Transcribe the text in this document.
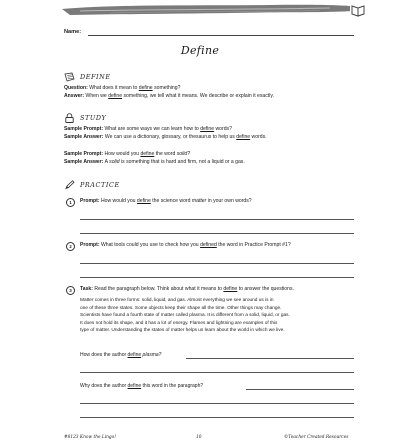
Name:
Define
DEFINE
Question: What does it mean to define something?
Answer: When we define something, we tell what it means. We describe or explain it exactly.
STUDY
Sample Prompt: What are some ways we can learn how to define words?
Sample Answer: We can use a dictionary, glossary, or thesaurus to help us define words.
Sample Prompt: How would you define the word solid?
Sample Answer: A solid is something that is hard and firm, not a liquid or a gas.
PRACTICE
1	Prompt: How would you define the science word matter in your own words?
2	Prompt: What tools could you use to check how you defined the word in Practice Prompt #1?
3	Task: Read the paragraph below. Think about what it means to define to answer the questions.
Matter comes in three forms: solid, liquid, and gas. Almost everything we see around us is in
one of these three states. Some objects keep their shape all the time. Other things may change.
Scientists have found a fourth state of matter called plasma. It is different from a solid, liquid, or gas.
It does not hold its shape, and it has a lot of energy. Flames and lightning are examples of this
type of matter. Understanding the states of matter helps us learn about the world in which we live.
How does the author define plasma?
Why does the author define this word in the paragraph?
#8123 Know the Lingo!	10	©Teacher Created Resources
